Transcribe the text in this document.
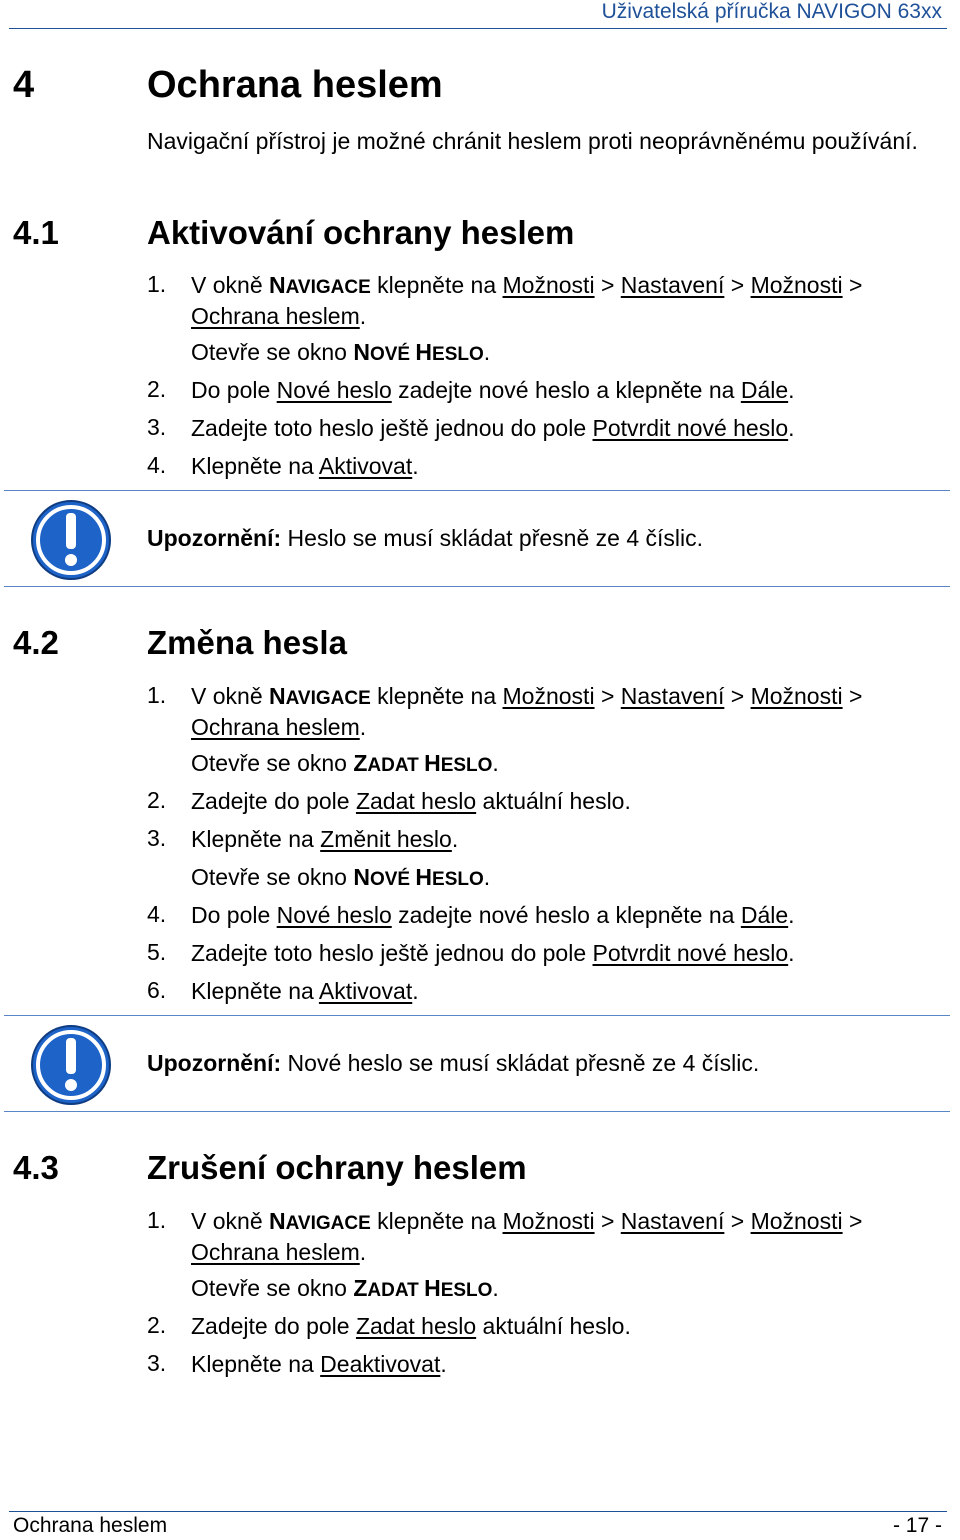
Uživatelská příručka NAVIGON 63xx
4	Ochrana heslem
Navigační přístroj je možné chránit heslem proti neoprávněnému používání.
4.1	Aktivování ochrany heslem
1. V okně NAVIGACE klepněte na Možnosti > Nastavení > Možnosti >
Ochrana heslem.
Otevře se okno NOVÉ HESLO.
2. Do pole Nové heslo zadejte nové heslo a klepněte na Dále.
3. Zadejte toto heslo ještě jednou do pole Potvrdit nové heslo.
4. Klepněte na Aktivovat.
Upozornění: Heslo se musí skládat přesně ze 4 číslic.
4.2	Změna hesla
1. V okně NAVIGACE klepněte na Možnosti > Nastavení > Možnosti >
Ochrana heslem.
Otevře se okno ZADAT HESLO.
2. Zadejte do pole Zadat heslo aktuální heslo.
3. Klepněte na Změnit heslo.
Otevře se okno NOVÉ HESLO.
4. Do pole Nové heslo zadejte nové heslo a klepněte na Dále.
5. Zadejte toto heslo ještě jednou do pole Potvrdit nové heslo.
6. Klepněte na Aktivovat.
Upozornění: Nové heslo se musí skládat přesně ze 4 číslic.
4.3	Zrušení ochrany heslem
1. V okně NAVIGACE klepněte na Možnosti > Nastavení > Možnosti >
Ochrana heslem.
Otevře se okno ZADAT HESLO.
2. Zadejte do pole Zadat heslo aktuální heslo.
3. Klepněte na Deaktivovat.
Ochrana heslem	- 17 -
